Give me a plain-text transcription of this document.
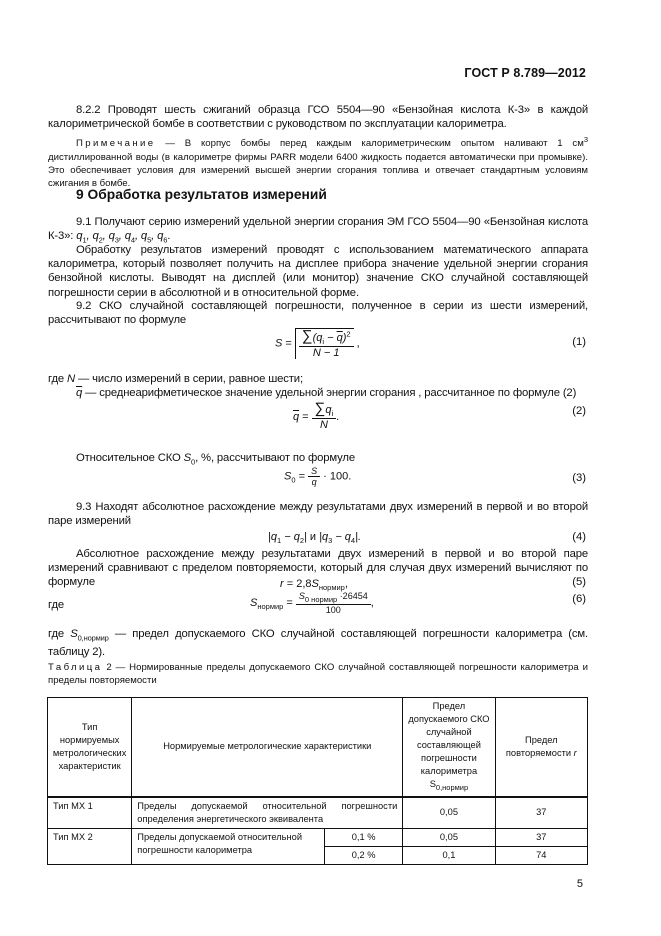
ГОСТ Р 8.789—2012
8.2.2 Проводят шесть сжиганий образца ГСО 5504—90 «Бензойная кислота К-3» в каждой калориметрической бомбе в соответствии с руководством по эксплуатации калориметра.
Примечание — В корпус бомбы перед каждым калориметрическим опытом наливают 1 $см^3$ дистиллированной воды (в калориметре фирмы PARR модели 6400 жидкость подается автоматически при промывке). Это обеспечивает условия для измерений высшей энергии сгорания топлива и отвечает стандартным условиям сжигания в бомбе.
9 Обработка результатов измерений
9.1 Получают серию измерений удельной энергии сгорания ЭМ ГСО 5504—90 «Бензойная кислота К-3»: $q_1$, $q_2$, $q_3$, $q_4$, $q_5$, $q_6$.
Обработку результатов измерений проводят с использованием математического аппарата калориметра, который позволяет получить на дисплее прибора значение удельной энергии сгорания бензойной кислоты. Выводят на дисплей (или монитор) значение СКО случайной составляющей погрешности серии в абсолютной и в относительной форме.
9.2 СКО случайной составляющей погрешности, полученное в серии из шести измерений, рассчитывают по формуле
$S = \frac{\sum(q_i - \overline{q})^2}{N - 1}$ ,	(1)
где N — число измерений в серии, равное шести;
$\overline{q}$ — среднеарифметическое значение удельной энергии сгорания , рассчитанное по формуле (2)
$\overline{q} = \frac{\sum q_i}{N}$ .	(2)
Относительное СКО $S_0$, %, рассчитывают по формуле
$S_0 = \frac{S}{q} \cdot 100$.	(3)
9.3 Находят абсолютное расхождение между результатами двух измерений в первой и во второй паре измерений
$|q_1 - q_2|$ и $|q_3 - q_4|$.	(4)
Абсолютное расхождение между результатами двух измерений в первой и во второй паре измерений сравнивают с пределом повторяемости, который для случая двух измерений вычисляют по формуле	$r = 2,8S_{нормир}$,	(5)
где	$S_{нормир} = \frac{S_{0 нормир} \cdot 26454}{100}$ ,	(6)
где $S_{0,нормир}$ — предел допускаемого СКО случайной составляющей погрешности калориметра (см. таблицу 2).
Таблица 2 — Нормированные пределы допускаемого СКО случайной составляющей погрешности калориметра и пределы повторяемости
Тип нормируемых метрологических характеристик	Нормируемые метрологические характеристики		Предел допускаемого СКО случайной составляющей погрешности калориметра $S_{0,нормир}$	Предел повторяемости r
Тип МХ 1	Пределы допускаемой относительной погрешности определения энергетического эквивалента		0,05	37
Тип МХ 2	Пределы допускаемой относительной погрешности калориметра	0,1 %	0,05	37
		0,2 %	0,1	74
5
